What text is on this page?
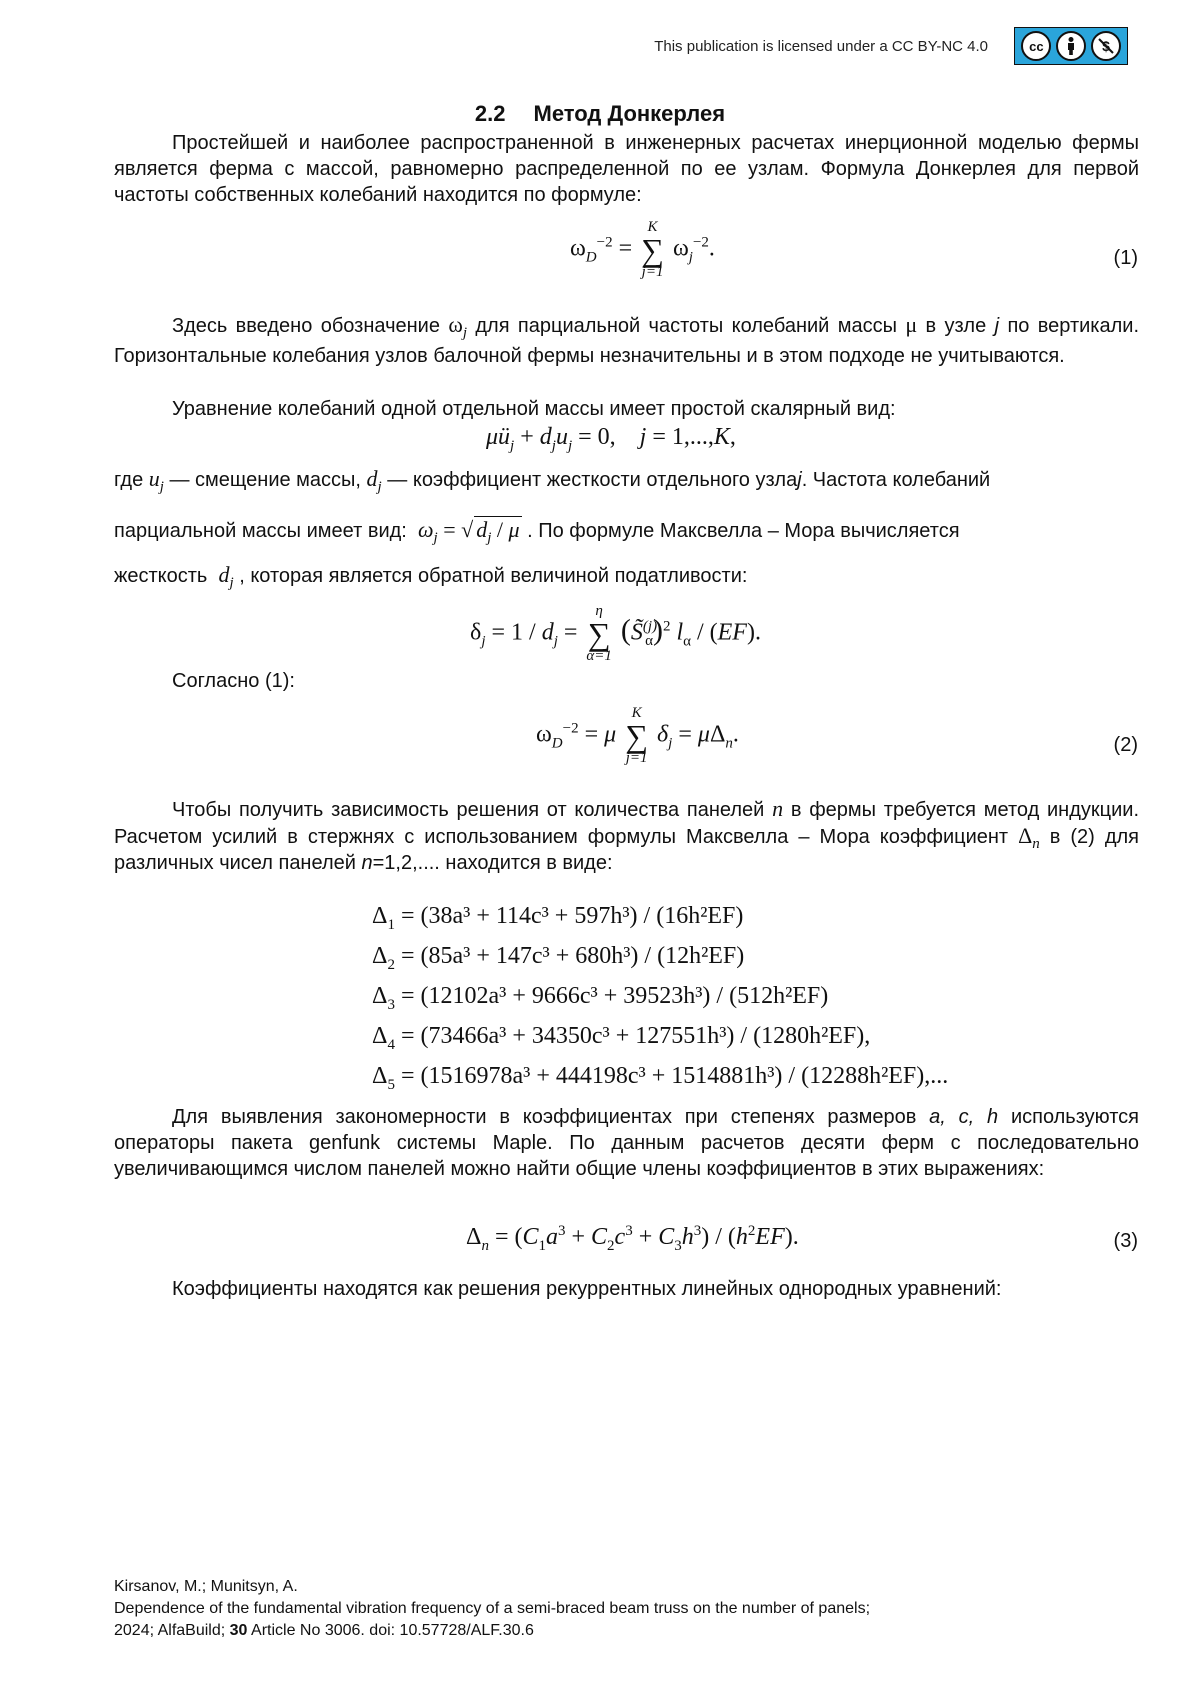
This publication is licensed under a CC BY-NC 4.0	cc
2.2 Метод Донкерлея

Простейшей и наиболее распространенной в инженерных расчетах инерционной моделью фермы является ферма с массой, равномерно распределенной по ее узлам. Формула Донкерлея для первой частоты собственных колебаний находится по формуле:

ωD−2 =
K
∑
j=1
ωj−2.	(1)
Здесь введено обозначение ωj для парциальной частоты колебаний массы μ в узле j по вертикали. Горизонтальные колебания узлов балочной фермы незначительны и в этом подходе не учитываются.

Уравнение колебаний одной отдельной массы имеет простой скалярный вид:

μüj + djuj = 0,    j = 1,...,K,
где uj — смещение массы, dj — коэффициент жесткости отдельного узлаj. Частота колебаний
парциальной массы имеет вид: ωj = √ dj / μ . По формуле Максвелла – Мора вычисляется
жесткость dj , которая является обратной величиной податливости:
δj = 1 / dj =
η
∑
α=1
(S̃(j)α)2 lα / (EF).

Согласно (1):

ωD−2 = μ
K
∑
j=1
δj = μΔn.	(2)
Чтобы получить зависимость решения от количества панелей n в фермы требуется метод индукции. Расчетом усилий в стержнях с использованием формулы Максвелла – Мора коэффициент Δn в (2) для различных чисел панелей n=1,2,.... находится в виде:
Δ1 = (38a³ + 114c³ + 597h³) / (16h²EF)
Δ2 = (85a³ + 147c³ + 680h³) / (12h²EF)
Δ3 = (12102a³ + 9666c³ + 39523h³) / (512h²EF)
Δ4 = (73466a³ + 34350c³ + 127551h³) / (1280h²EF),
Δ5 = (1516978a³ + 444198c³ + 1514881h³) / (12288h²EF),...
Для выявления закономерности в коэффициентах при степенях размеров a, c, h используются операторы пакета genfunk системы Maple. По данным расчетов десяти ферм с последовательно увеличивающимся числом панелей можно найти общие члены коэффициентов в этих выражениях:
Δn = (C1a3 + C2c3 + C3h3) / (h2EF).	(3)

Коэффициенты находятся как решения рекуррентных линейных однородных уравнений:

Kirsanov, M.; Munitsyn, A.
Dependence of the fundamental vibration frequency of a semi-braced beam truss on the number of panels;
2024; AlfaBuild; 30 Article No 3006. doi: 10.57728/ALF.30.6
